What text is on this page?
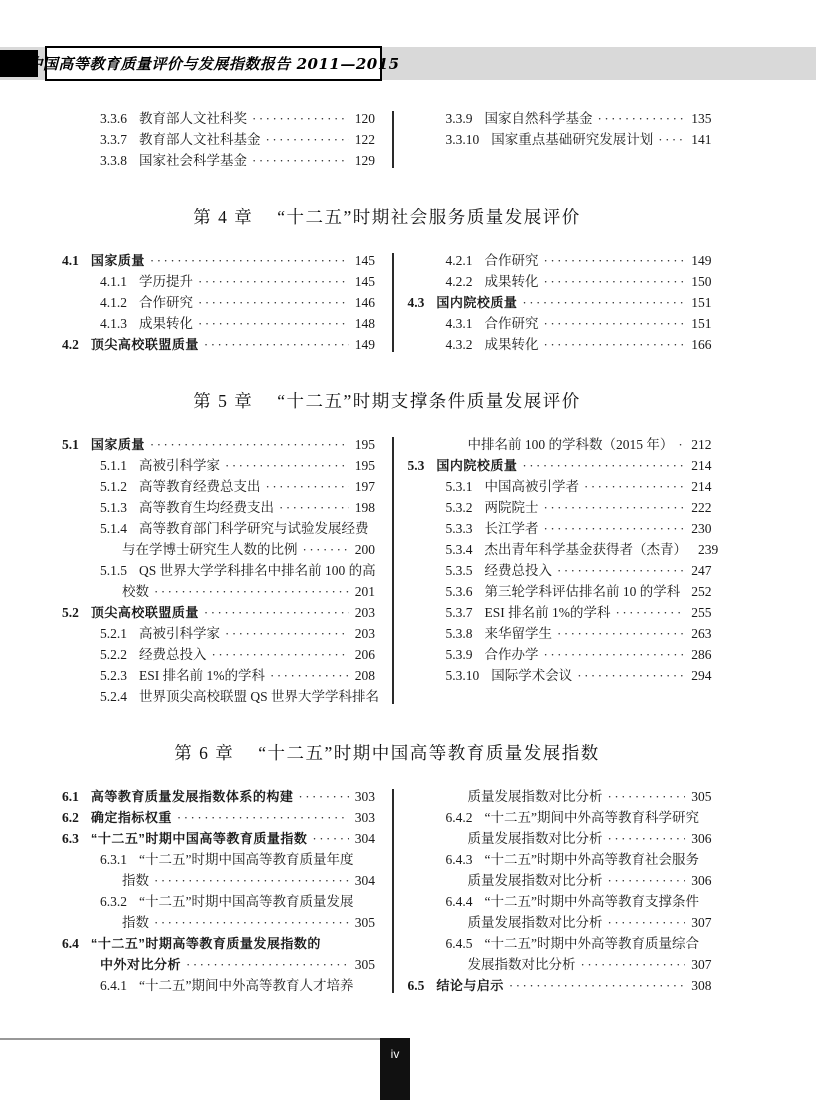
中国高等教育质量评价与发展指数报告 2011—2015
3.3.6 教育部人文社科奖 ·····	120
3.3.7 教育部人文社科基金 ·····	122
3.3.8 国家社会科学基金 ·····	129
3.3.9 国家自然科学基金 ·····	135
3.3.10 国家重点基础研究发展计划 ·····	141
第 4 章 “十二五”时期社会服务质量发展评价
4.1 国家质量 ·····	145
4.1.1 学历提升 ·····	145
4.1.2 合作研究 ·····	146
4.1.3 成果转化 ·····	148
4.2 顶尖高校联盟质量 ·····	149
4.2.1 合作研究 ·····	149
4.2.2 成果转化 ·····	150
4.3 国内院校质量 ·····	151
4.3.1 合作研究 ·····	151
4.3.2 成果转化 ·····	166
第 5 章 “十二五”时期支撑条件质量发展评价
5.1 国家质量 ·····	195
5.1.1 高被引科学家 ·····	195
5.1.2 高等教育经费总支出 ·····	197
5.1.3 高等教育生均经费支出 ·····	198
5.1.4 高等教育部门科学研究与试验发展经费
与在学博士研究生人数的比例 ·····	200
5.1.5 QS 世界大学学科排名中排名前 100 的高
校数 ·····	201
5.2 顶尖高校联盟质量 ·····	203
5.2.1 高被引科学家 ·····	203
5.2.2 经费总投入 ·····	206
5.2.3 ESI 排名前 1%的学科 ·····	208
5.2.4 世界顶尖高校联盟 QS 世界大学学科排名
中排名前 100 的学科数（2015 年） ····· 212
5.3 国内院校质量 ·····	214
5.3.1 中国高被引学者 ·····	214
5.3.2 两院院士 ·····	222
5.3.3 长江学者 ·····	230
5.3.4 杰出青年科学基金获得者（杰青） 239
5.3.5 经费总投入 ·····	247
5.3.6 第三轮学科评估排名前 10 的学科 252
5.3.7 ESI 排名前 1%的学科 ·····	255
5.3.8 来华留学生 ·····	263
5.3.9 合作办学 ·····	286
5.3.10 国际学术会议 ·····	294
第 6 章 “十二五”时期中国高等教育质量发展指数
6.1 高等教育质量发展指数体系的构建 ·····	303
6.2 确定指标权重 ·····	303
6.3 “十二五”时期中国高等教育质量指数 ·····	304
6.3.1 “十二五”时期中国高等教育质量年度
指数 ·····	304
6.3.2 “十二五”时期中国高等教育质量发展
指数 ·····	305
6.4 “十二五”时期高等教育质量发展指数的
中外对比分析 ·····	305
6.4.1 “十二五”期间中外高等教育人才培养
质量发展指数对比分析 ·····	305
6.4.2 “十二五”期间中外高等教育科学研究
质量发展指数对比分析 ·····	306
6.4.3 “十二五”时期中外高等教育社会服务
质量发展指数对比分析 ·····	306
6.4.4 “十二五”时期中外高等教育支撑条件
质量发展指数对比分析 ·····	307
6.4.5 “十二五”时期中外高等教育质量综合
发展指数对比分析 ·····	307
6.5 结论与启示 ·····	308
iv
